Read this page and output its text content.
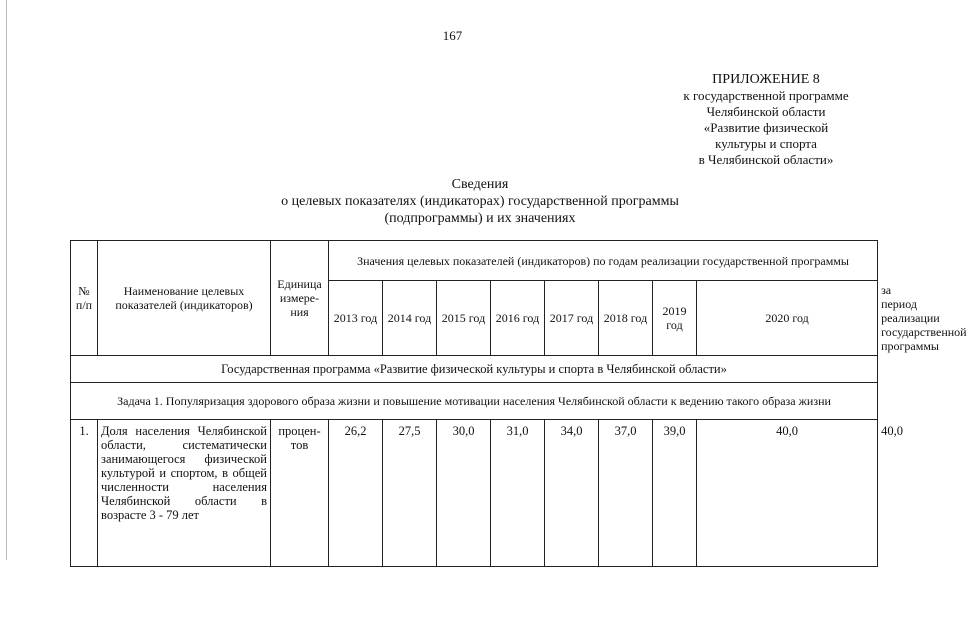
167
ПРИЛОЖЕНИЕ 8
к государственной программе
Челябинской области
«Развитие физической
культуры и спорта
в Челябинской области»
Сведения
о целевых показателях (индикаторах) государственной программы
(подпрограммы) и их значениях
№ п/п	Наименование целевых показателей (индикаторов)	Единица измере-ния	Значения целевых показателей (индикаторов) по годам реализации государственной программы								
			2013 год	2014 год	2015 год	2016 год	2017 год	2018 год	2019 год	2020 год	за период реализации государственной программы
Государственная программа «Развитие физической культуры и спорта в Челябинской области»											
Задача 1. Популяризация здорового образа жизни и повышение мотивации населения Челябинской области к ведению такого образа жизни											
1.	Доля населения Челябинской области, систематически занимающегося физической культурой и спортом, в общей численности населения Челябинской области в возрасте 3 - 79 лет	процен-тов	26,2	27,5	30,0	31,0	34,0	37,0	39,0	40,0	40,0
